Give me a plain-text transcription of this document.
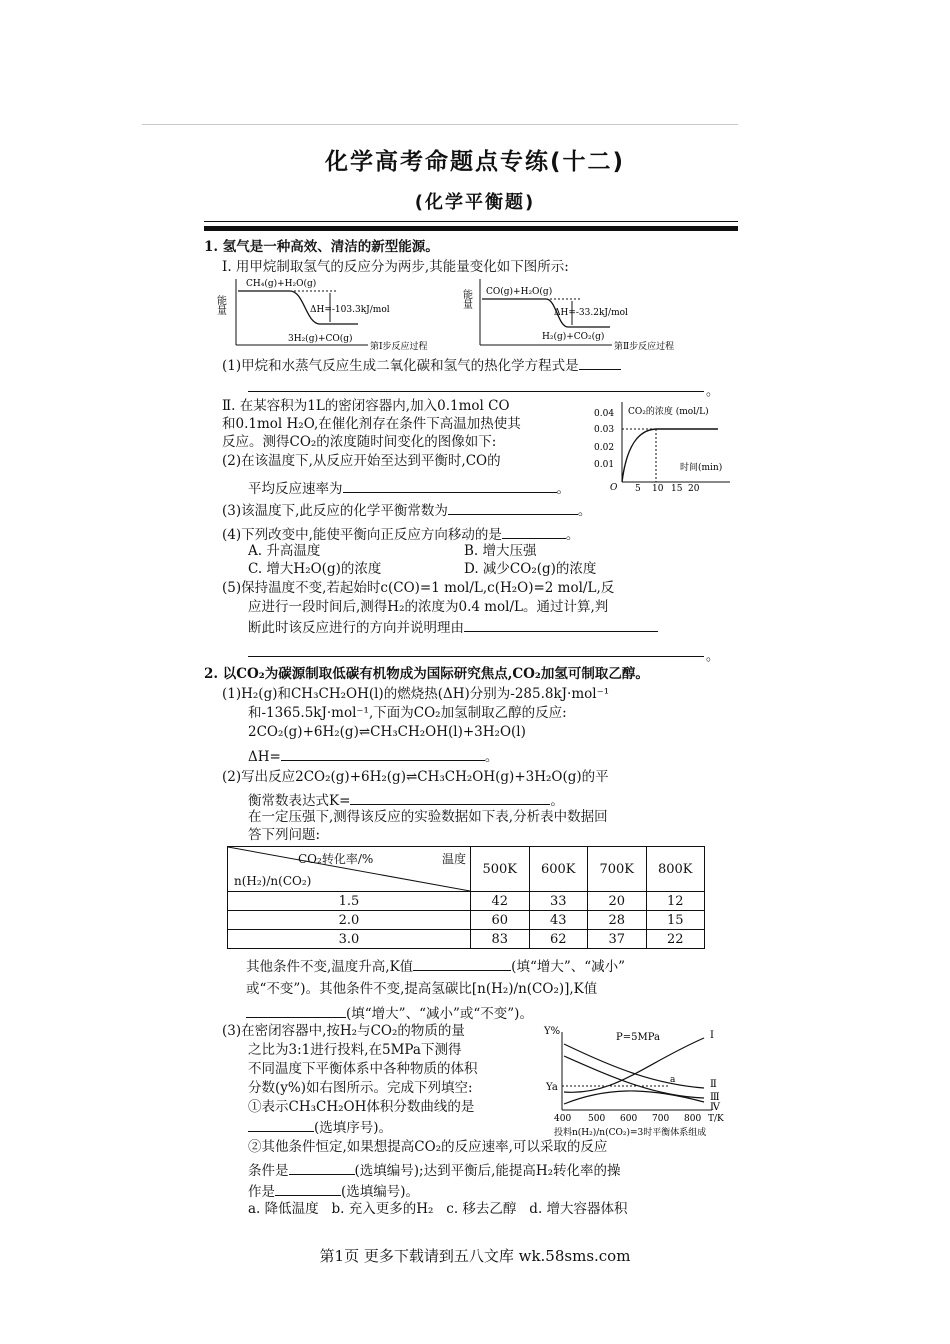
化学高考命题点专练(十二)
(化学平衡题)
1. 氢气是一种高效、清洁的新型能源。
Ⅰ. 用甲烷制取氢气的反应分为两步,其能量变化如下图所示:
能量
CH₄(g)+H₂O(g)
ΔH=-103.3kJ/mol
3H₂(g)+CO(g)
第Ⅰ步反应过程
能量 CO(g)+H₂O(g)
ΔH=-33.2kJ/mol
H₂(g)+CO₂(g)
第Ⅱ步反应过程
(1)甲烷和水蒸气反应生成二氧化碳和氢气的热化学方程式是
。
Ⅱ. 在某容积为1L的密闭容器内,加入0.1mol CO
和0.1mol H₂O,在催化剂存在条件下高温加热使其
反应。测得CO₂的浓度随时间变化的图像如下:
(2)在该温度下,从反应开始至达到平衡时,CO的
平均反应速率为	。
CO₂的浓度 (mol/L)
0.04
0.03
0.02
0.01
O 5 10 15 20
时间(min)
(3)该温度下,此反应的化学平衡常数为	。
(4)下列改变中,能使平衡向正反应方向移动的是	。
A. 升高温度	B. 增大压强
C. 增大H₂O(g)的浓度	D. 减少CO₂(g)的浓度
(5)保持温度不变,若起始时c(CO)=1 mol/L,c(H₂O)=2 mol/L,反
应进行一段时间后,测得H₂的浓度为0.4 mol/L。通过计算,判
断此时该反应进行的方向并说明理由
。
2. 以CO₂为碳源制取低碳有机物成为国际研究焦点,CO₂加氢可制取乙醇。
(1)H₂(g)和CH₃CH₂OH(l)的燃烧热(ΔH)分别为-285.8kJ·mol⁻¹
和-1365.5kJ·mol⁻¹,下面为CO₂加氢制取乙醇的反应:
2CO₂(g)+6H₂(g)⇌CH₃CH₂OH(l)+3H₂O(l)
ΔH=	。
(2)写出反应2CO₂(g)+6H₂(g)⇌CH₃CH₂OH(g)+3H₂O(g)的平
衡常数表达式K=	。
在一定压强下,测得该反应的实验数据如下表,分析表中数据回
答下列问题:
CO₂转化率/% 温度
n(H₂)/n(CO₂)	500K	600K	700K	800K
1.5	42	33	20	12
2.0	60	43	28	15
3.0	83	62	37	22
其他条件不变,温度升高,K值	(填“增大”、“减小”
或“不变”)。其他条件不变,提高氢碳比[n(H₂)/n(CO₂)],K值
(填“增大”、“减小”或“不变”)。
(3)在密闭容器中,按H₂与CO₂的物质的量
之比为3:1进行投料,在5MPa下测得
不同温度下平衡体系中各种物质的体积
分数(y%)如右图所示。完成下列填空:
①表示CH₃CH₂OH体积分数曲线的是
(选填序号)。
Y%
Ya
P=5MPa
a
Ⅰ
Ⅱ
Ⅲ
Ⅳ
400 500 600 700 800 T/K
投料n(H₂)/n(CO₂)=3时平衡体系组成
②其他条件恒定,如果想提高CO₂的反应速率,可以采取的反应
条件是	(选填编号);达到平衡后,能提高H₂转化率的操
作是	(选填编号)。
a. 降低温度   b. 充入更多的H₂   c. 移去乙醇   d. 增大容器体积
第1页 更多下载请到五八文库 wk.58sms.com
